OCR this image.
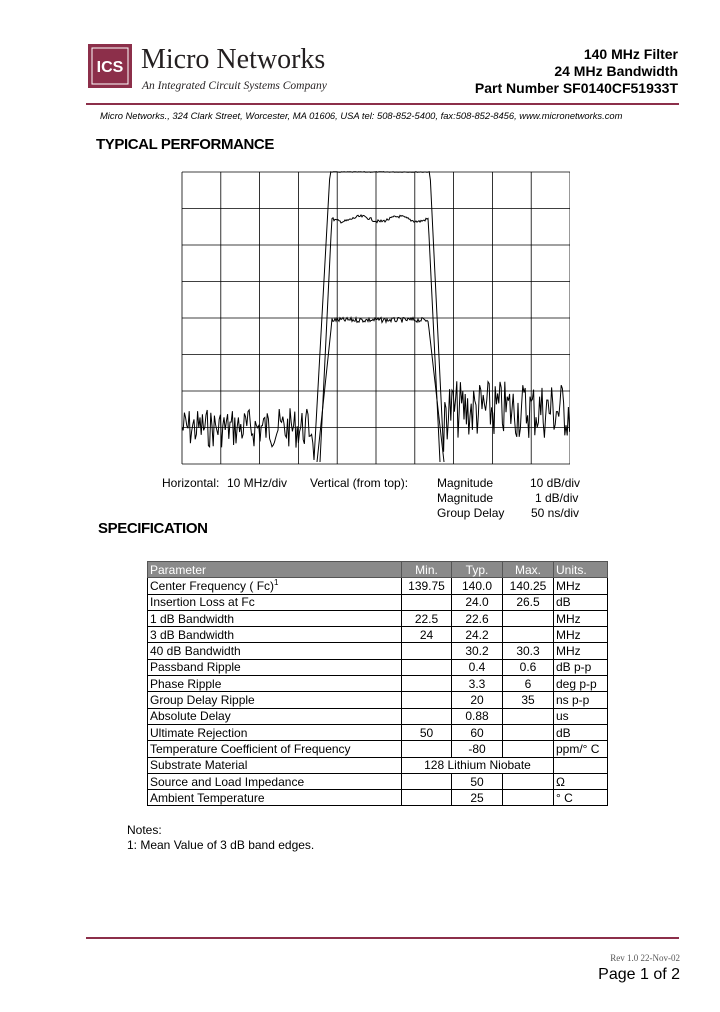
ICS Micro Networks
An Integrated Circuit Systems Company
140 MHz Filter
24 MHz Bandwidth
Part Number SF0140CF51933T
Micro Networks., 324 Clark Street, Worcester, MA 01606, USA tel: 508-852-5400, fax:508-852-8456, www.micronetworks.com
TYPICAL PERFORMANCE
Horizontal: 10 MHz/div Vertical (from top): Magnitude	10 dB/div
Magnitude	1 dB/div
Group Delay 50 ns/div
SPECIFICATION
Parameter	Min.	Typ.	Max.	Units.
Center Frequency ( Fc)$^1$	139.75	140.0	140.25	MHz
Insertion Loss at Fc		24.0	26.5	dB
1 dB Bandwidth	22.5	22.6		MHz
3 dB Bandwidth	24	24.2		MHz
40 dB Bandwidth		30.2	30.3	MHz
Passband Ripple		0.4	0.6	dB p-p
Phase Ripple		3.3	6	deg p-p
Group Delay Ripple		20	35	ns p-p
Absolute Delay		0.88		us
Ultimate Rejection	50	60		dB
Temperature Coefficient of Frequency		-80		ppm/° C
Substrate Material	128 Lithium Niobate			
Source and Load Impedance		50		Ω
Ambient Temperature		25		° C
Notes:
1: Mean Value of 3 dB band edges.
Rev 1.0 22-Nov-02
Page 1 of 2
